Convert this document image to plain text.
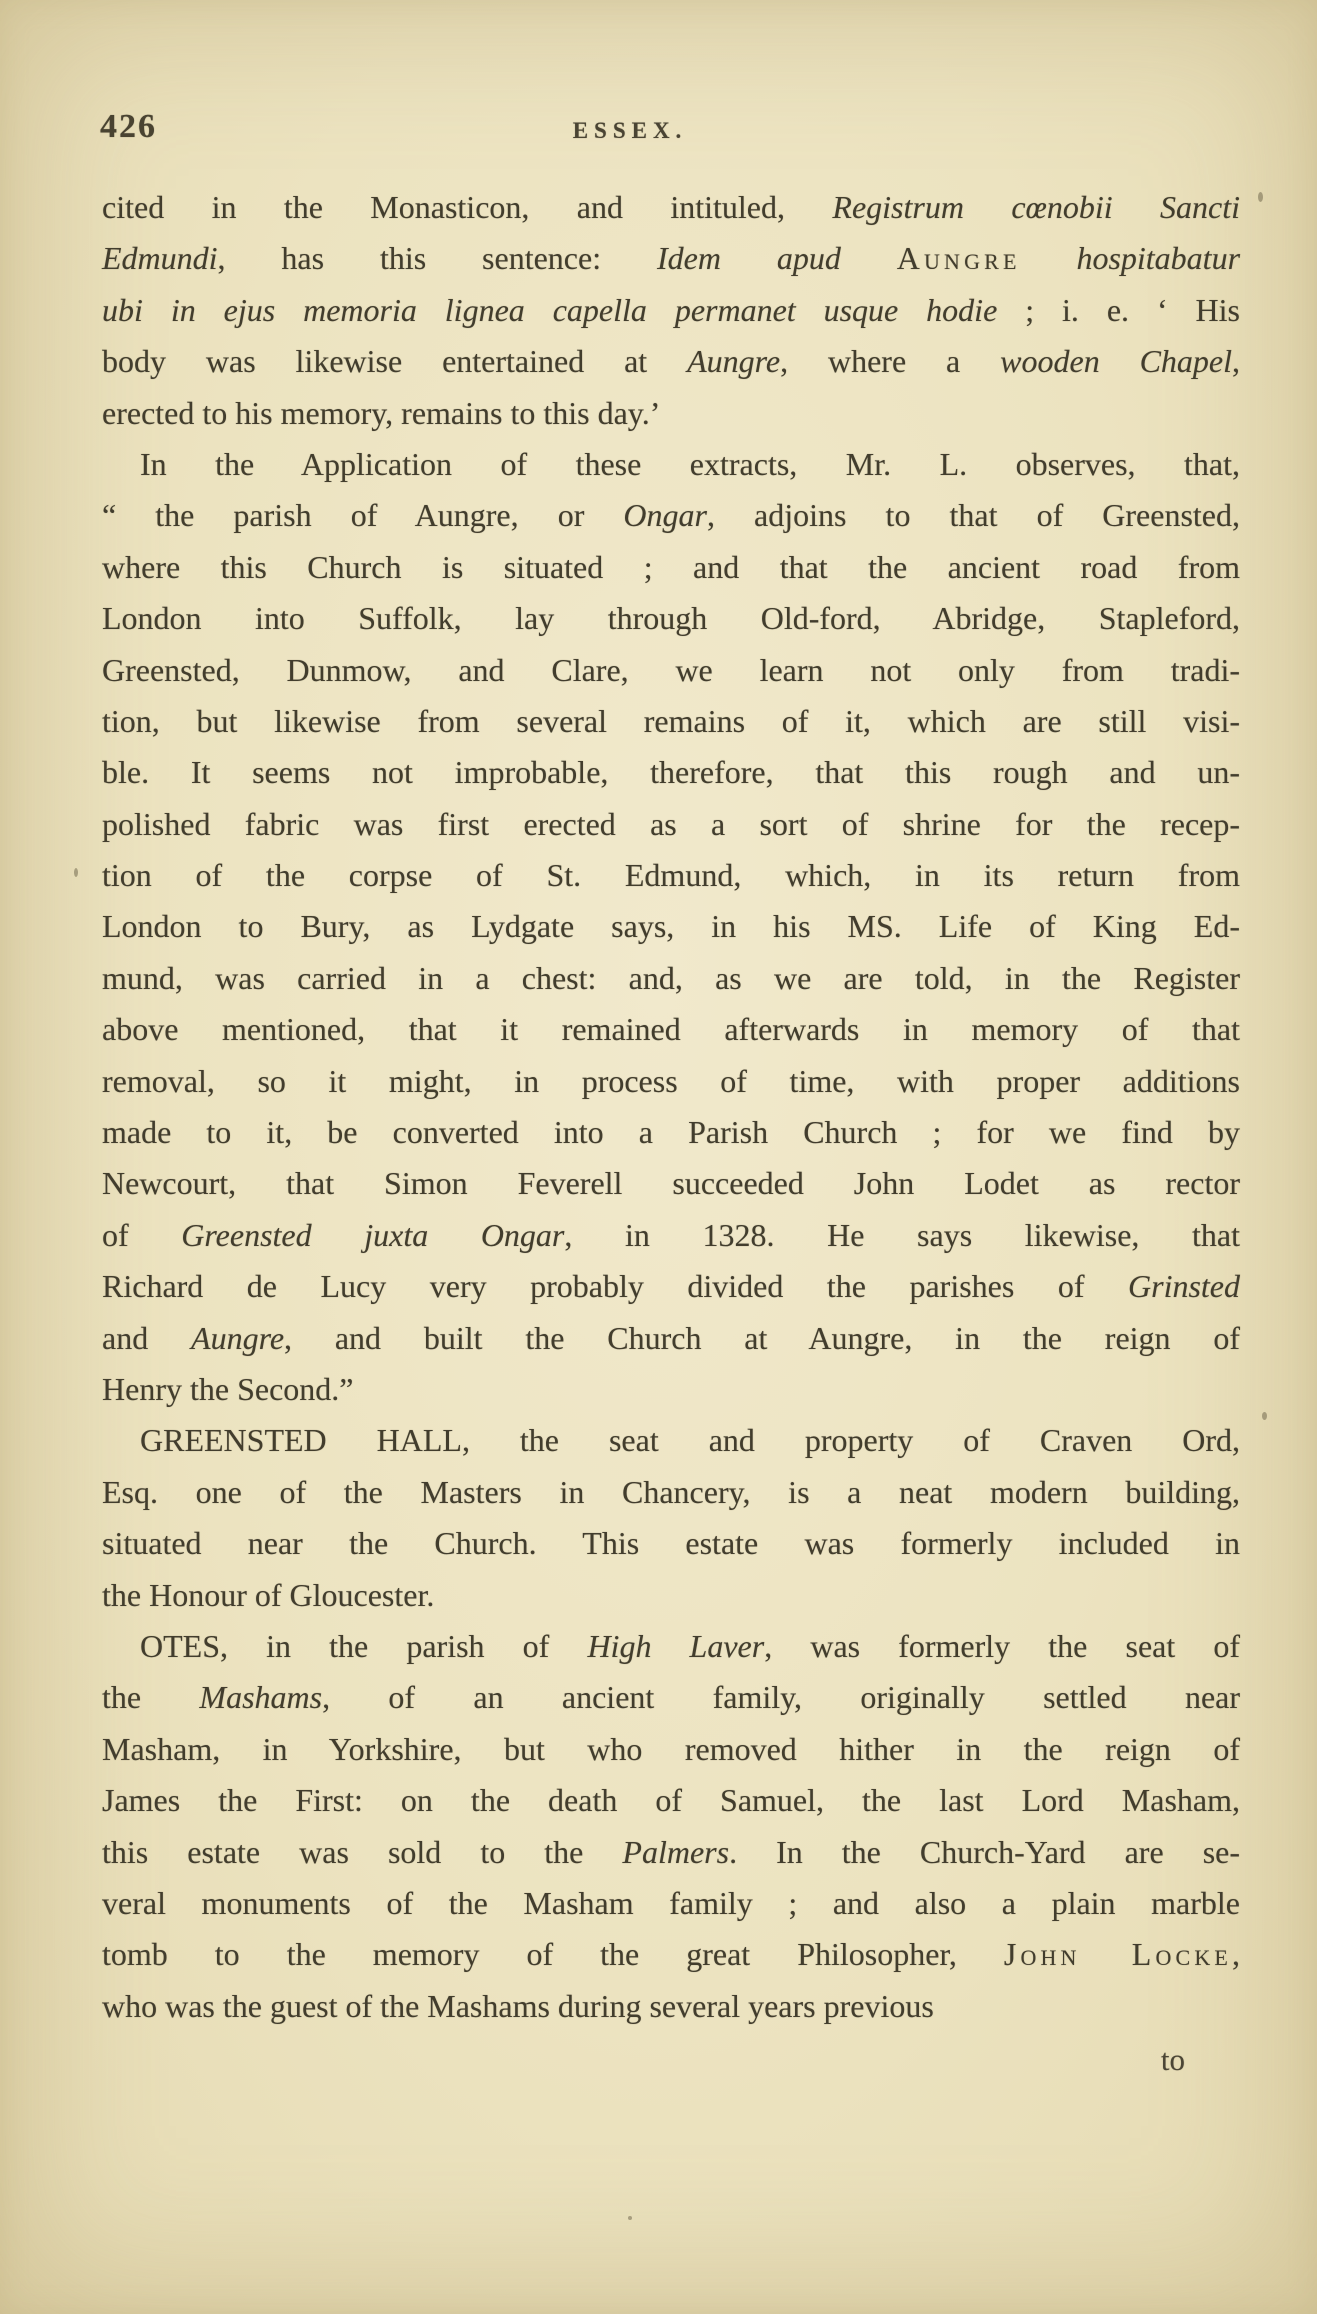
426	ESSEX.
cited in the Monasticon, and intituled, Registrum cœnobii Sancti
Edmundi, has this sentence: Idem apud Aungre hospitabatur
ubi in ejus memoria lignea capella permanet usque hodie ; i. e. ‘ His
body was likewise entertained at Aungre, where a wooden Chapel,
erected to his memory, remains to this day.’
In the Application of these extracts, Mr. L. observes, that,
“ the parish of Aungre, or Ongar, adjoins to that of Greensted,
where this Church is situated ; and that the ancient road from
London into Suffolk, lay through Old-ford, Abridge, Stapleford,
Greensted, Dunmow, and Clare, we learn not only from tradi-
tion, but likewise from several remains of it, which are still visi-
ble. It seems not improbable, therefore, that this rough and un-
polished fabric was first erected as a sort of shrine for the recep-
tion of the corpse of St. Edmund, which, in its return from
London to Bury, as Lydgate says, in his MS. Life of King Ed-
mund, was carried in a chest: and, as we are told, in the Register
above mentioned, that it remained afterwards in memory of that
removal, so it might, in process of time, with proper additions
made to it, be converted into a Parish Church ; for we find by
Newcourt, that Simon Feverell succeeded John Lodet as rector
of Greensted juxta Ongar, in 1328. He says likewise, that
Richard de Lucy very probably divided the parishes of Grinsted
and Aungre, and built the Church at Aungre, in the reign of
Henry the Second.”
GREENSTED HALL, the seat and property of Craven Ord,
Esq. one of the Masters in Chancery, is a neat modern building,
situated near the Church. This estate was formerly included in
the Honour of Gloucester.
OTES, in the parish of High Laver, was formerly the seat of
the Mashams, of an ancient family, originally settled near
Masham, in Yorkshire, but who removed hither in the reign of
James the First: on the death of Samuel, the last Lord Masham,
this estate was sold to the Palmers. In the Church-Yard are se-
veral monuments of the Masham family ; and also a plain marble
tomb to the memory of the great Philosopher, John Locke,
who was the guest of the Mashams during several years previous
to
